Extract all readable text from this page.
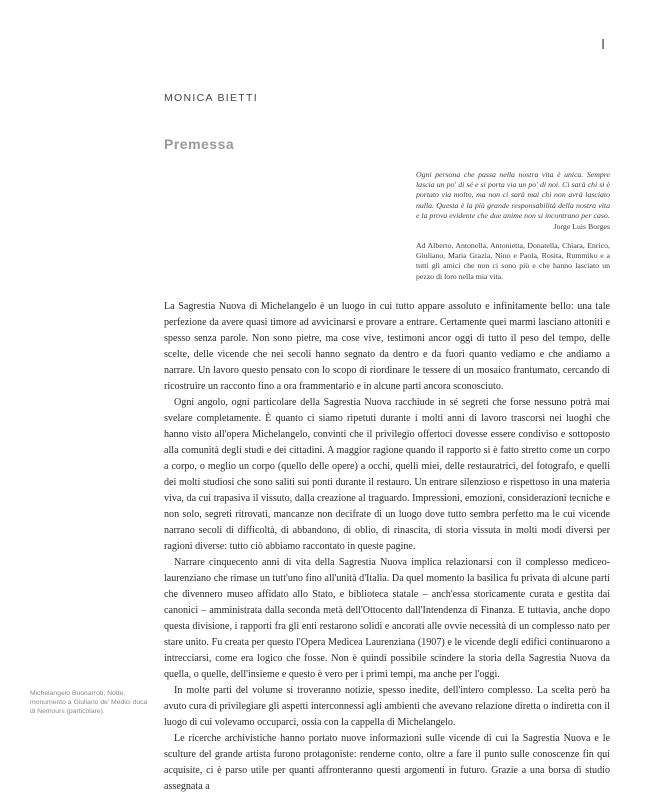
I
MONICA BIETTI
Premessa
Ogni persona che passa nella nostra vita è unica. Sempre lascia un po' di sé e si porta via un po' di noi. Ci sarà chi si è portato via molto, ma non ci sarà mai chi non avrà lasciato nulla. Questa è la più grande responsabilità della nostra vita e la prova evidente che due anime non si incontrano per caso.
Jorge Luis Borges
Ad Alberto, Antonella, Antonietta, Donatella, Chiara, Enrico, Giuliano, Maria Grazia, Nino e Paola, Rosita, Rummiko e a tutti gli amici che non ci sono più e che hanno lasciato un pezzo di loro nella mia vita.

La Sagrestia Nuova di Michelangelo è un luogo in cui tutto appare assoluto e infinitamente bello: una tale perfezione da avere quasi timore ad avvicinarsi e provare a entrare. Certamente quei marmi lasciano attoniti e spesso senza parole. Non sono pietre, ma cose vive, testimoni ancor oggi di tutto il peso del tempo, delle scelte, delle vicende che nei secoli hanno segnato da dentro e da fuori quanto vediamo e che andiamo a narrare. Un lavoro questo pensato con lo scopo di riordinare le tessere di un mosaico frantumato, cercando di ricostruire un racconto fino a ora frammentario e in alcune parti ancora sconosciuto.

Ogni angolo, ogni particolare della Sagrestia Nuova racchiude in sé segreti che forse nessuno potrà mai svelare completamente. È quanto ci siamo ripetuti durante i molti anni di lavoro trascorsi nei luoghi che hanno visto all'opera Michelangelo, convinti che il privilegio offertoci dovesse essere condiviso e sottoposto alla comunità degli studi e dei cittadini. A maggior ragione quando il rapporto si è fatto stretto come un corpo a corpo, o meglio un corpo (quello delle opere) a occhi, quelli miei, delle restauratrici, del fotografo, e quelli dei molti studiosi che sono saliti sui ponti durante il restauro. Un entrare silenzioso e rispettoso in una materia viva, da cui trapasiva il vissuto, dalla creazione al traguardo. Impressioni, emozioni, considerazioni tecniche e non solo, segreti ritrovati, mancanze non decifrate di un luogo dove tutto sembra perfetto ma le cui vicende narrano secoli di difficoltà, di abbandono, di oblio, di rinascita, di storia vissuta in molti modi diversi per ragioni diverse: tutto ciò abbiamo raccontato in queste pagine.

Narrare cinquecento anni di vita della Sagrestia Nuova implica relazionarsi con il complesso mediceo-laurenziano che rimase un tutt'uno fino all'unità d'Italia. Da quel momento la basilica fu privata di alcune parti che divennero museo affidato allo Stato, e biblioteca statale – anch'essa storicamente curata e gestita dai canonici – amministrata dalla seconda metà dell'Ottocento dall'Intendenza di Finanza. E tuttavia, anche dopo questa divisione, i rapporti fra gli enti restarono solidi e ancorati alle ovvie necessità di un complesso nato per stare unito. Fu creata per questo l'Opera Medicea Laurenziana (1907) e le vicende degli edifici continuarono a intrecciarsi, come era logico che fosse. Non è quindi possibile scindere la storia della Sagrestia Nuova da quella, o quelle, dell'insieme e questo è vero per i primi tempi, ma anche per l'oggi.

In molte parti del volume si troveranno notizie, spesso inedite, dell'intero complesso. La scelta però ha avuto cura di privilegiare gli aspetti interconnessi agli ambienti che avevano relazione diretta o indiretta con il luogo di cui volevamo occuparci, ossia con la cappella di Michelangelo.

Le ricerche archivistiche hanno portato nuove informazioni sulle vicende di cui la Sagrestia Nuova e le sculture del grande artista furono protagoniste: renderne conto, oltre a fare il punto sulle conoscenze fin qui acquisite, ci è parso utile per quanti affronteranno questi argomenti in futuro. Grazie a una borsa di studio assegnata a

Michelangelo Buonarroti, Notte, monumento a Giuliano de' Medici duca di Nemours (particolare).
